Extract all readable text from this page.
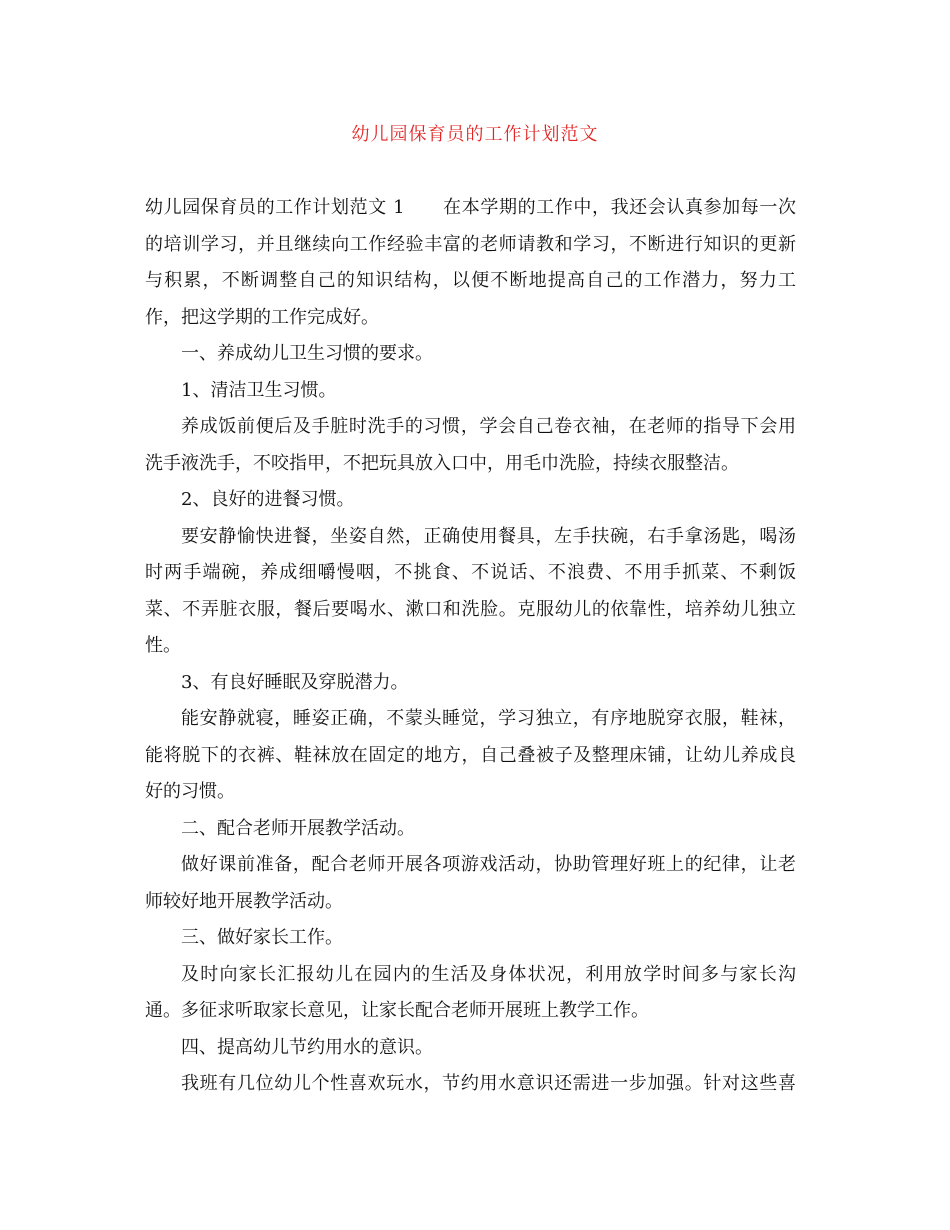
幼儿园保育员的工作计划范文
幼儿园保育员的工作计划范文 1 在本学期的工作中，我还会认真参加每一次
的培训学习，并且继续向工作经验丰富的老师请教和学习，不断进行知识的更新
与积累，不断调整自己的知识结构，以便不断地提高自己的工作潜力，努力工
作，把这学期的工作完成好。
一、养成幼儿卫生习惯的要求。
1、清洁卫生习惯。
养成饭前便后及手脏时洗手的习惯，学会自己卷衣袖，在老师的指导下会用
洗手液洗手，不咬指甲，不把玩具放入口中，用毛巾洗脸，持续衣服整洁。
2、良好的进餐习惯。
要安静愉快进餐，坐姿自然，正确使用餐具，左手扶碗，右手拿汤匙，喝汤
时两手端碗，养成细嚼慢咽，不挑食、不说话、不浪费、不用手抓菜、不剩饭
菜、不弄脏衣服，餐后要喝水、漱口和洗脸。克服幼儿的依靠性，培养幼儿独立
性。
3、有良好睡眠及穿脱潜力。
能安静就寝，睡姿正确，不蒙头睡觉，学习独立，有序地脱穿衣服，鞋袜，
能将脱下的衣裤、鞋袜放在固定的地方，自己叠被子及整理床铺，让幼儿养成良
好的习惯。
二、配合老师开展教学活动。
做好课前准备，配合老师开展各项游戏活动，协助管理好班上的纪律，让老
师较好地开展教学活动。
三、做好家长工作。
及时向家长汇报幼儿在园内的生活及身体状况，利用放学时间多与家长沟
通。多征求听取家长意见，让家长配合老师开展班上教学工作。
四、提高幼儿节约用水的意识。
我班有几位幼儿个性喜欢玩水，节约用水意识还需进一步加强。针对这些喜
